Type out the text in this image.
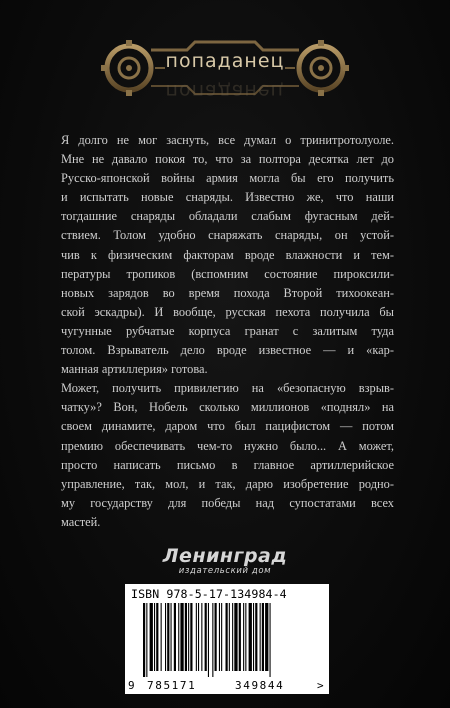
попаданец
попаданец
Я долго не мог заснуть, все думал о тринитротолуоле.
Мне не давало покоя то, что за полтора десятка лет до
Русско-японской войны армия могла бы его получить
и испытать новые снаряды. Известно же, что наши
тогдашние снаряды обладали слабым фугасным дей-
ствием. Толом удобно снаряжать снаряды, он устой-
чив к физическим факторам вроде влажности и тем-
пературы тропиков (вспомним состояние пироксили-
новых зарядов во время похода Второй тихоокеан-
ской эскадры). И вообще, русская пехота получила бы
чугунные рубчатые корпуса гранат с залитым туда
толом. Взрыватель дело вроде известное — и «кар-
манная артиллерия» готова.
Может, получить привилегию на «безопасную взрыв-
чатку»? Вон, Нобель сколько миллионов «поднял» на
своем динамите, даром что был пацифистом — потом
премию обеспечивать чем-то нужно было... А может,
просто написать письмо в главное артиллерийское
управление, так, мол, и так, дарю изобретение родно-
му государству для победы над супостатами всех
мастей.
Ленинград
издательский дом
ISBN 978-5-17-134984-4
9 785171	349844	>
